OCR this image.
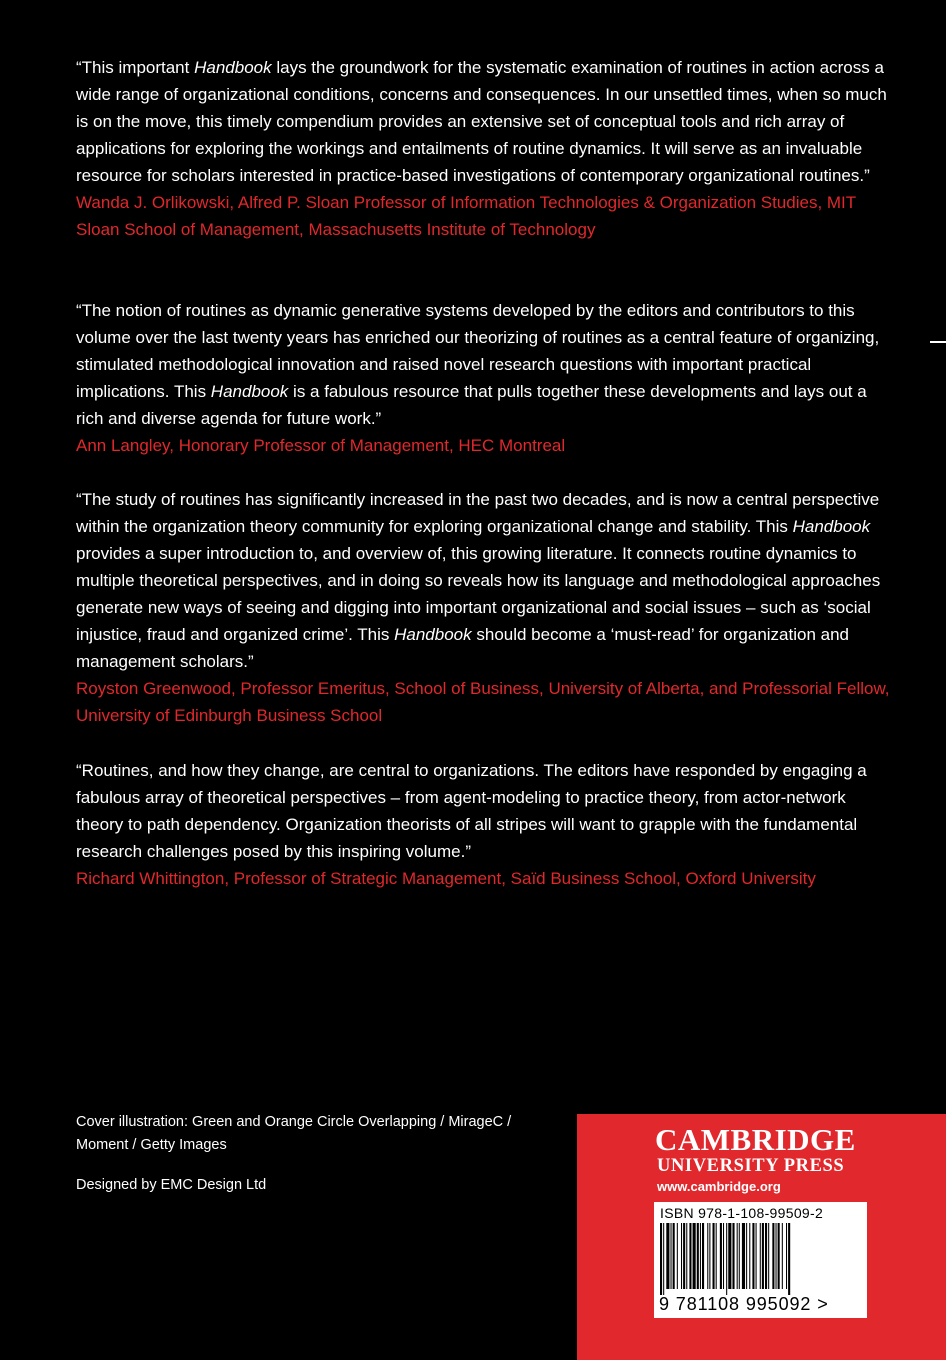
“This important Handbook lays the groundwork for the systematic examination of routines in action across a wide range of organizational conditions, concerns and consequences. In our unsettled times, when so much is on the move, this timely compendium provides an extensive set of conceptual tools and rich array of applications for exploring the workings and entailments of routine dynamics. It will serve as an invaluable resource for scholars interested in practice-based investigations of contemporary organizational routines.”

Wanda J. Orlikowski, Alfred P. Sloan Professor of Information Technologies & Organization Studies, MIT Sloan School of Management, Massachusetts Institute of Technology

“The notion of routines as dynamic generative systems developed by the editors and contributors to this volume over the last twenty years has enriched our theorizing of routines as a central feature of organizing, stimulated methodological innovation and raised novel research questions with important practical implications. This Handbook is a fabulous resource that pulls together these developments and lays out a rich and diverse agenda for future work.”

Ann Langley, Honorary Professor of Management, HEC Montreal

“The study of routines has significantly increased in the past two decades, and is now a central perspective within the organization theory community for exploring organizational change and stability. This Handbook provides a super introduction to, and overview of, this growing literature. It connects routine dynamics to multiple theoretical perspectives, and in doing so reveals how its language and methodological approaches generate new ways of seeing and digging into important organizational and social issues – such as ‘social injustice, fraud and organized crime’. This Handbook should become a ‘must-read’ for organization and management scholars.”

Royston Greenwood, Professor Emeritus, School of Business, University of Alberta, and Professorial Fellow, University of Edinburgh Business School

“Routines, and how they change, are central to organizations. The editors have responded by engaging a fabulous array of theoretical perspectives – from agent-modeling to practice theory, from actor-network theory to path dependency. Organization theorists of all stripes will want to grapple with the fundamental research challenges posed by this inspiring volume.”

Richard Whittington, Professor of Strategic Management, Saïd Business School, Oxford University

Cover illustration: Green and Orange Circle Overlapping / MirageC / Moment / Getty Images

Designed by EMC Design Ltd

CAMBRIDGE
UNIVERSITY PRESS
www.cambridge.org
ISBN 978-1-108-99509-2
9 781108 995092 >
